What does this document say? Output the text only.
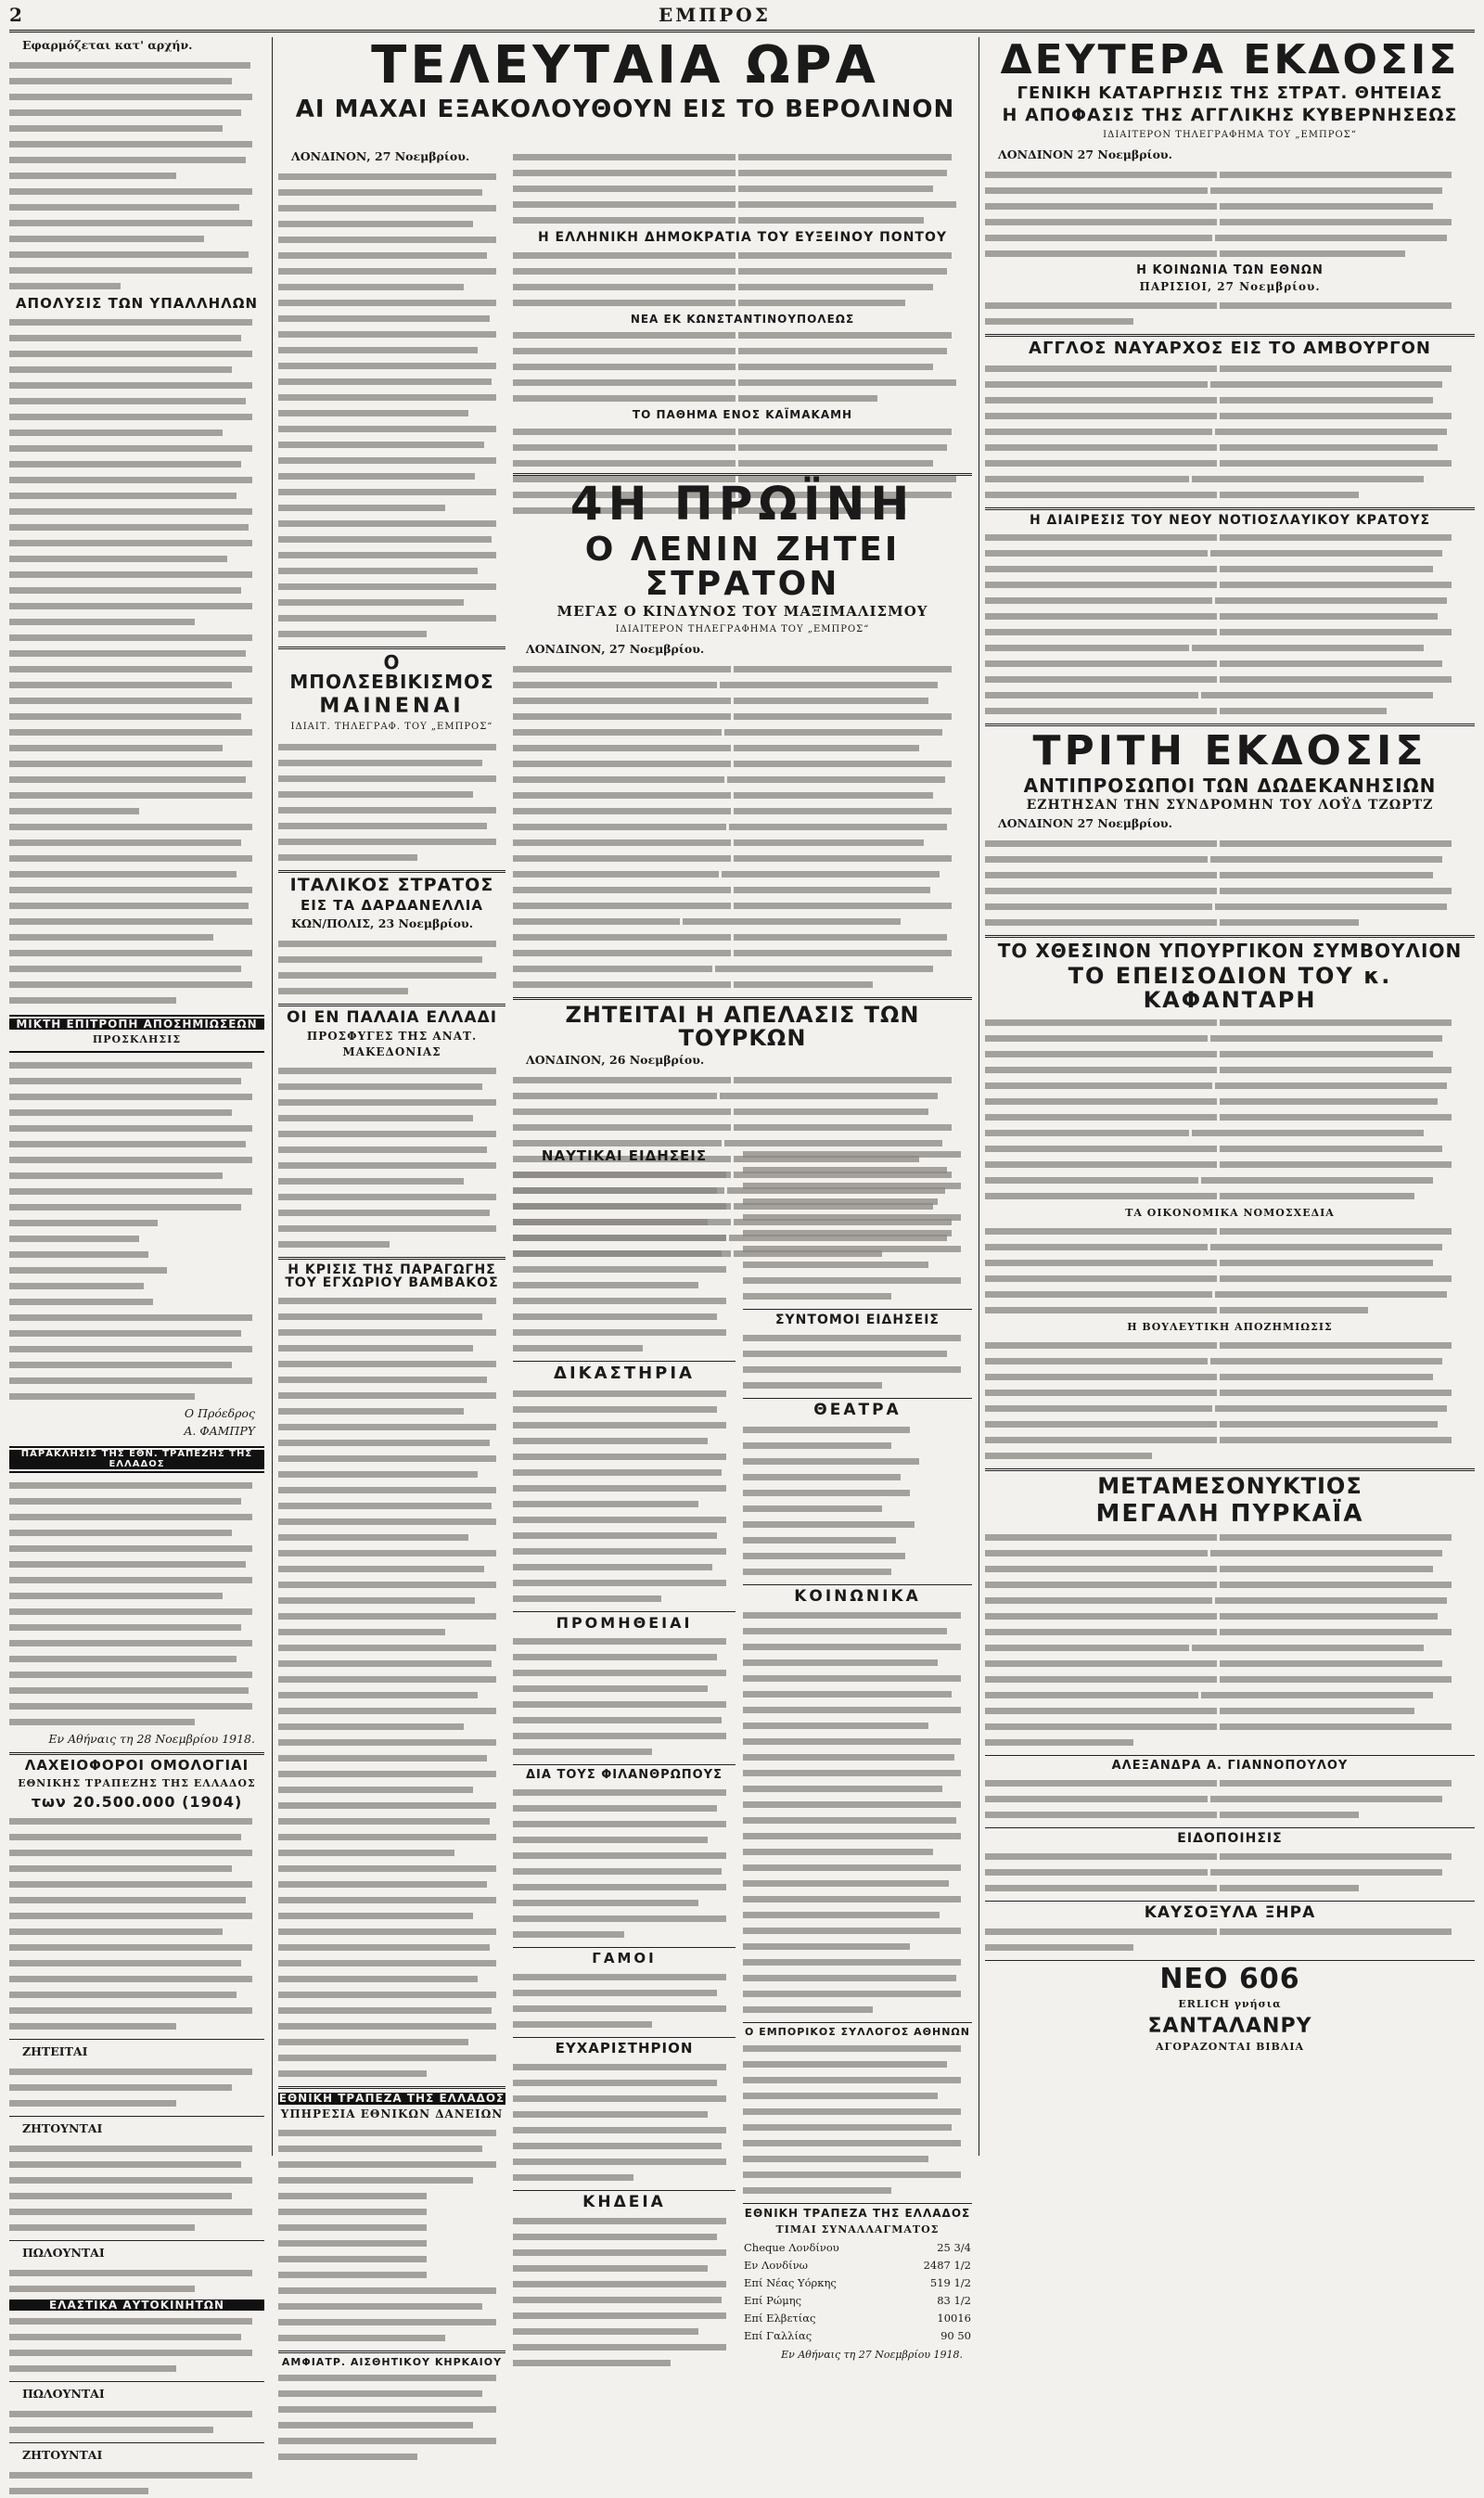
2	ΕΜΠΡΟΣ

Εφαρμόζεται κατ' αρχήν.

ΑΠΟΛΥΣΙΣ ΤΩΝ ΥΠΑΛΛΗΛΩΝ
ΜΙΚΤΗ ΕΠΙΤΡΟΠΗ ΑΠΟΣΗΜΙΩΣΕΩΝ
ΠΡΟΣΚΛΗΣΙΣ
Ο Πρόεδρος
Α. ΦΑΜΠΡΥ
ΠΑΡΑΚΛΗΣΙΣ ΤΗΣ ΕΘΝ. ΤΡΑΠΕΖΗΣ ΤΗΣ ΕΛΛΑΔΟΣ
Εν Αθήναις τη 28 Νοεμβρίου 1918.
ΛΑΧΕΙΟΦΟΡΟΙ ΟΜΟΛΟΓΙΑΙ
ΕΘΝΙΚΗΣ ΤΡΑΠΕΖΗΣ ΤΗΣ ΕΛΛΑΔΟΣ
των 20.500.000 (1904)

ΖΗΤΕΙΤΑΙ

ΖΗΤΟΥΝΤΑΙ

ΠΩΛΟΥΝΤΑΙ

ΕΛΑΣΤΙΚΑ ΑΥΤΟΚΙΝΗΤΩΝ

ΠΩΛΟΥΝΤΑΙ

ΖΗΤΟΥΝΤΑΙ

ΤΕΛΕΥΤΑΙΑ ΩΡΑ
ΑΙ ΜΑΧΑΙ ΕΞΑΚΟΛΟΥΘΟΥΝ ΕΙΣ ΤΟ ΒΕΡΟΛΙΝΟΝ

ΛΟΝΔΙΝΟΝ, 27 Νοεμβρίου.

Ο ΜΠΟΛΣΕΒΙΚΙΣΜΟΣ
ΜΑΙΝΕΝΑΙ
ΙΔΙΑΙΤ. ΤΗΛΕΓΡΑΦ. ΤΟΥ „ΕΜΠΡΟΣ“
ΙΤΑΛΙΚΟΣ ΣΤΡΑΤΟΣ
ΕΙΣ ΤΑ ΔΑΡΔΑΝΕΛΛΙΑ

ΚΩΝ/ΠΟΛΙΣ, 23 Νοεμβρίου.

ΟΙ ΕΝ ΠΑΛΑΙΑ ΕΛΛΑΔΙ
ΠΡΟΣΦΥΓΕΣ ΤΗΣ ΑΝΑΤ. ΜΑΚΕΔΟΝΙΑΣ
Η ΚΡΙΣΙΣ ΤΗΣ ΠΑΡΑΓΩΓΗΣ ΤΟΥ ΕΓΧΩΡΙΟΥ ΒΑΜΒΑΚΟΣ
ΕΘΝΙΚΗ ΤΡΑΠΕΖΑ ΤΗΣ ΕΛΛΑΔΟΣ
ΥΠΗΡΕΣΙΑ ΕΘΝΙΚΩΝ ΔΑΝΕΙΩΝ
ΑΜΦΙΑΤΡ. ΑΙΣΘΗΤΙΚΟΥ ΚΗΡΚΑΙΟΥ
Η ΕΛΛΗΝΙΚΗ ΔΗΜΟΚΡΑΤΙΑ ΤΟΥ ΕΥΞΕΙΝΟΥ ΠΟΝΤΟΥ
ΝΕΑ ΕΚ ΚΩΝΣΤΑΝΤΙΝΟΥΠΟΛΕΩΣ
ΤΟ ΠΑΘΗΜΑ ΕΝΟΣ ΚΑΪΜΑΚΑΜΗ
4Η ΠΡΩΪΝΗ
Ο ΛΕΝΙΝ ΖΗΤΕΙ ΣΤΡΑΤΟΝ
ΜΕΓΑΣ Ο ΚΙΝΔΥΝΟΣ ΤΟΥ ΜΑΞΙΜΑΛΙΣΜΟΥ
ΙΔΙΑΙΤΕΡΟΝ ΤΗΛΕΓΡΑΦΗΜΑ ΤΟΥ „ΕΜΠΡΟΣ“

ΛΟΝΔΙΝΟΝ, 27 Νοεμβρίου.

ΖΗΤΕΙΤΑΙ Η ΑΠΕΛΑΣΙΣ ΤΩΝ ΤΟΥΡΚΩΝ

ΛΟΝΔΙΝΟΝ, 26 Νοεμβρίου.

ΝΑΥΤΙΚΑΙ ΕΙΔΗΣΕΙΣ
ΔΙΚΑΣΤΗΡΙΑ
ΠΡΟΜΗΘΕΙΑΙ
ΔΙΑ ΤΟΥΣ ΦΙΛΑΝΘΡΩΠΟΥΣ
ΓΑΜΟΙ
ΕΥΧΑΡΙΣΤΗΡΙΟΝ
ΚΗΔΕΙΑ
ΣΥΝΤΟΜΟΙ ΕΙΔΗΣΕΙΣ
ΘΕΑΤΡΑ
ΚΟΙΝΩΝΙΚΑ
Ο ΕΜΠΟΡΙΚΟΣ ΣΥΛΛΟΓΟΣ ΑΘΗΝΩΝ
ΕΘΝΙΚΗ ΤΡΑΠΕΖΑ ΤΗΣ ΕΛΛΑΔΟΣ
ΤΙΜΑΙ ΣΥΝΑΛΛΑΓΜΑΤΟΣ
Cheque Λονδίνου	25 3/4
Εν Λονδίνω	2487 1/2
Επί Νέας Υόρκης	519 1/2
Επί Ρώμης	83 1/2
Επί Ελβετίας	10016
Επί Γαλλίας	90 50
Εν Αθήναις τη 27 Νοεμβρίου 1918.
ΔΕΥΤΕΡΑ ΕΚΔΟΣΙΣ
ΓΕΝΙΚΗ ΚΑΤΑΡΓΗΣΙΣ ΤΗΣ ΣΤΡΑΤ. ΘΗΤΕΙΑΣ
Η ΑΠΟΦΑΣΙΣ ΤΗΣ ΑΓΓΛΙΚΗΣ ΚΥΒΕΡΝΗΣΕΩΣ
ΙΔΙΑΙΤΕΡΟΝ ΤΗΛΕΓΡΑΦΗΜΑ ΤΟΥ „ΕΜΠΡΟΣ“

ΛΟΝΔΙΝΟΝ 27 Νοεμβρίου.

Η ΚΟΙΝΩΝΙΑ ΤΩΝ ΕΘΝΩΝ
ΠΑΡΙΣΙΟΙ, 27 Νοεμβρίου.
ΑΓΓΛΟΣ ΝΑΥΑΡΧΟΣ ΕΙΣ ΤΟ ΑΜΒΟΥΡΓΟΝ
Η ΔΙΑΙΡΕΣΙΣ ΤΟΥ ΝΕΟΥ ΝΟΤΙΟΣΛΑΥΙΚΟΥ ΚΡΑΤΟΥΣ
ΤΡΙΤΗ ΕΚΔΟΣΙΣ
ΑΝΤΙΠΡΟΣΩΠΟΙ ΤΩΝ ΔΩΔΕΚΑΝΗΣΙΩΝ
ΕΖΗΤΗΣΑΝ ΤΗΝ ΣΥΝΔΡΟΜΗΝ ΤΟΥ ΛΟΫΔ ΤΖΩΡΤΖ

ΛΟΝΔΙΝΟΝ 27 Νοεμβρίου.

ΤΟ ΧΘΕΣΙΝΟΝ ΥΠΟΥΡΓΙΚΟΝ ΣΥΜΒΟΥΛΙΟΝ
ΤΟ ΕΠΕΙΣΟΔΙΟΝ ΤΟΥ κ. ΚΑΦΑΝΤΑΡΗ
ΤΑ ΟΙΚΟΝΟΜΙΚΑ ΝΟΜΟΣΧΕΔΙΑ
Η ΒΟΥΛΕΥΤΙΚΗ ΑΠΟΖΗΜΙΩΣΙΣ
ΜΕΤΑΜΕΣΟΝΥΚΤΙΟΣ
ΜΕΓΑΛΗ ΠΥΡΚΑΪΑ
ΑΛΕΞΑΝΔΡΑ Α. ΓΙΑΝΝΟΠΟΥΛΟΥ
ΕΙΔΟΠΟΙΗΣΙΣ
ΚΑΥΣΟΞΥΛΑ ΞΗΡΑ
ΝΕΟ 606
ERLICH γνήσια
ΣΑΝΤΑΛΑΝΡΥ
ΑΓΟΡΑΖΟΝΤΑΙ ΒΙΒΛΙΑ
